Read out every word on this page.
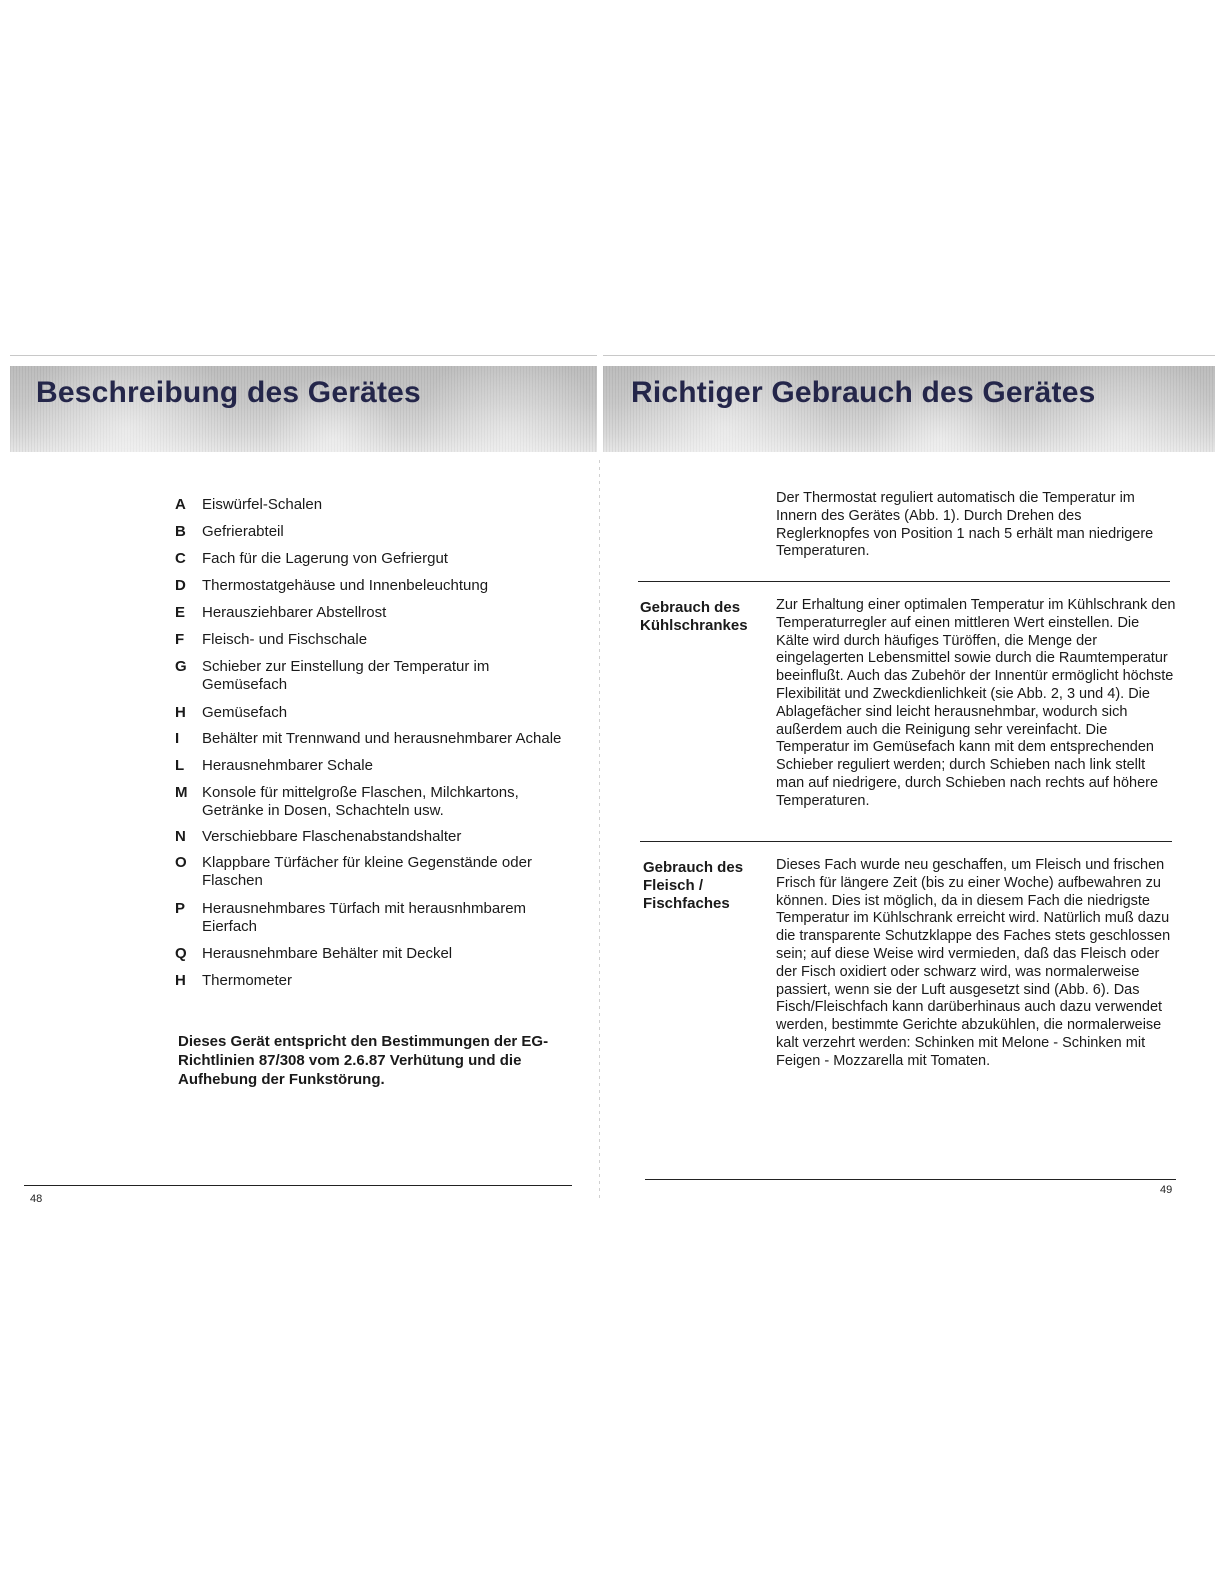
Beschreibung des Gerätes
A	Eiswürfel-Schalen
B	Gefrierabteil
C	Fach für die Lagerung von Gefriergut
D	Thermostatgehäuse und Innenbeleuchtung
E	Herausziehbarer Abstellrost
F	Fleisch- und Fischschale
G	Schieber zur Einstellung der Temperatur im Gemüsefach
H	Gemüsefach
I	Behälter mit Trennwand und herausnehmbarer Achale
L	Herausnehmbarer Schale
M Konsole für mittelgroße Flaschen, Milchkartons, Getränke in Dosen, Schachteln usw.
N	Verschiebbare Flaschenabstandshalter
O	Klappbare Türfächer für kleine Gegenstände oder Flaschen
P	Herausnehmbares Türfach mit herausnhmbarem Eierfach
Q	Herausnehmbare Behälter mit Deckel
H	Thermometer
Dieses Gerät entspricht den Bestimmungen der EG-Richtlinien 87/308 vom 2.6.87 Verhütung und die Aufhebung der Funkstörung.
48
Richtiger Gebrauch des Gerätes
Der Thermostat reguliert automatisch die Temperatur im Innern des Gerätes (Abb. 1). Durch Drehen des Reglerknopfes von Position 1 nach 5 erhält man niedrigere Temperaturen.
Gebrauch des Kühlschrankes
Zur Erhaltung einer optimalen Temperatur im Kühlschrank den Temperaturregler auf einen mittleren Wert einstellen. Die Kälte wird durch häufiges Türöffen, die Menge der eingelagerten Lebensmittel sowie durch die Raumtemperatur beeinflußt. Auch das Zubehör der Innentür ermöglicht höchste Flexibilität und Zweckdienlichkeit (sie Abb. 2, 3 und 4). Die Ablagefächer sind leicht herausnehmbar, wodurch sich außerdem auch die Reinigung sehr vereinfacht. Die Temperatur im Gemüsefach kann mit dem entsprechenden Schieber reguliert werden; durch Schieben nach link stellt man auf niedrigere, durch Schieben nach rechts auf höhere Temperaturen.
Gebrauch des Fleisch / Fischfaches
Dieses Fach wurde neu geschaffen, um Fleisch und frischen Frisch für längere Zeit (bis zu einer Woche) aufbewahren zu können. Dies ist möglich, da in diesem Fach die niedrigste Temperatur im Kühlschrank erreicht wird. Natürlich muß dazu die transparente Schutzklappe des Faches stets geschlossen sein; auf diese Weise wird vermieden, daß das Fleisch oder der Fisch oxidiert oder schwarz wird, was normalerweise passiert, wenn sie der Luft ausgesetzt sind (Abb. 6). Das Fisch/Fleischfach kann darüberhinaus auch dazu verwendet werden, bestimmte Gerichte abzukühlen, die normalerweise kalt verzehrt werden: Schinken mit Melone - Schinken mit Feigen - Mozzarella mit Tomaten.
49
